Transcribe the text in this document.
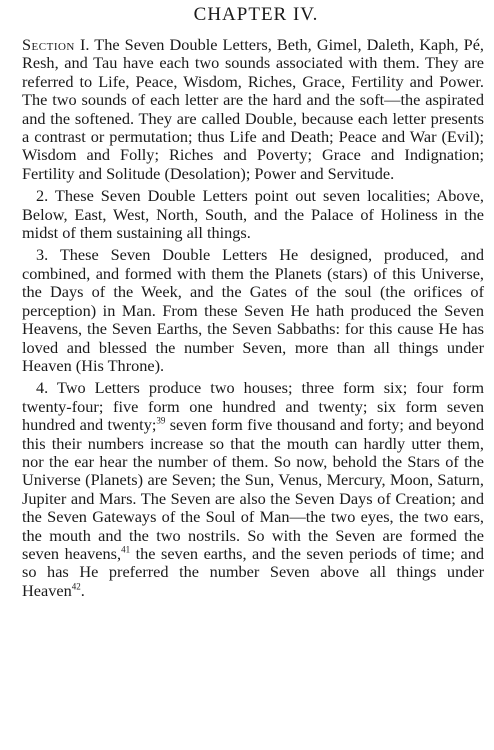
CHAPTER IV.

Section I. The Seven Double Letters, Beth, Gimel, Daleth, Kaph, Pé, Resh, and Tau have each two sounds associated with them. They are referred to Life, Peace, Wisdom, Riches, Grace, Fertility and Power. The two sounds of each letter are the hard and the soft—the aspirated and the softened. They are called Double, because each letter presents a contrast or permutation; thus Life and Death; Peace and War (Evil); Wisdom and Folly; Riches and Poverty; Grace and Indignation; Fertility and Solitude (Desolation); Power and Servitude.

2. These Seven Double Letters point out seven localities; Above, Below, East, West, North, South, and the Palace of Holiness in the midst of them sustaining all things.

3. These Seven Double Letters He designed, produced, and combined, and formed with them the Planets (stars) of this Universe, the Days of the Week, and the Gates of the soul (the orifices of perception) in Man. From these Seven He hath produced the Seven Heavens, the Seven Earths, the Seven Sabbaths: for this cause He has loved and blessed the number Seven, more than all things under Heaven (His Throne).

4. Two Letters produce two houses; three form six; four form twenty-four; five form one hundred and twenty; six form seven hundred and twenty;$^{39}$ seven form five thousand and forty; and beyond this their numbers increase so that the mouth can hardly utter them, nor the ear hear the number of them. So now, behold the Stars of the Universe (Planets) are Seven; the Sun, Venus, Mercury, Moon, Saturn, Jupiter and Mars. The Seven are also the Seven Days of Creation; and the Seven Gateways of the Soul of Man—the two eyes, the two ears, the mouth and the two nostrils. So with the Seven are formed the seven heavens,$^{41}$ the seven earths, and the seven periods of time; and so has He preferred the number Seven above all things under Heaven$^{42}$.
